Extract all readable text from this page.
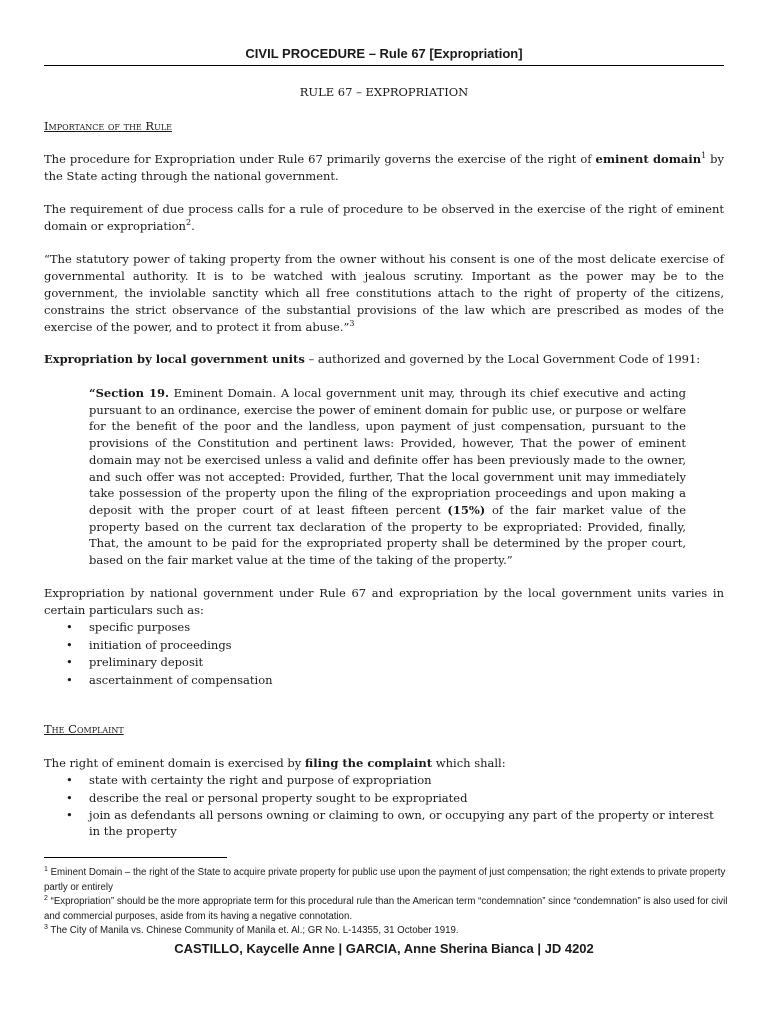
CIVIL PROCEDURE – Rule 67 [Expropriation]
RULE 67 – EXPROPRIATION
Importance of the Rule
The procedure for Expropriation under Rule 67 primarily governs the exercise of the right of eminent domain$^1$ by the State acting through the national government.
The requirement of due process calls for a rule of procedure to be observed in the exercise of the right of eminent domain or expropriation$^2$.
“The statutory power of taking property from the owner without his consent is one of the most delicate exercise of governmental authority. It is to be watched with jealous scrutiny. Important as the power may be to the government, the inviolable sanctity which all free constitutions attach to the right of property of the citizens, constrains the strict observance of the substantial provisions of the law which are prescribed as modes of the exercise of the power, and to protect it from abuse.”$^3$
Expropriation by local government units – authorized and governed by the Local Government Code of 1991:
“Section 19. Eminent Domain. A local government unit may, through its chief executive and acting pursuant to an ordinance, exercise the power of eminent domain for public use, or purpose or welfare for the benefit of the poor and the landless, upon payment of just compensation, pursuant to the provisions of the Constitution and pertinent laws: Provided, however, That the power of eminent domain may not be exercised unless a valid and definite offer has been previously made to the owner, and such offer was not accepted: Provided, further, That the local government unit may immediately take possession of the property upon the filing of the expropriation proceedings and upon making a deposit with the proper court of at least fifteen percent (15%) of the fair market value of the property based on the current tax declaration of the property to be expropriated: Provided, finally, That, the amount to be paid for the expropriated property shall be determined by the proper court, based on the fair market value at the time of the taking of the property.”
Expropriation by national government under Rule 67 and expropriation by the local government units varies in certain particulars such as:
• specific purposes
• initiation of proceedings
• preliminary deposit
• ascertainment of compensation
The Complaint
The right of eminent domain is exercised by filing the complaint which shall:
• state with certainty the right and purpose of expropriation
• describe the real or personal property sought to be expropriated
• join as defendants all persons owning or claiming to own, or occupying any part of the property or interest in the property
$^1$ Eminent Domain – the right of the State to acquire private property for public use upon the payment of just compensation; the right extends to private property partly or entirely
$^2$ “Expropriation” should be the more appropriate term for this procedural rule than the American term “condemnation” since “condemnation” is also used for civil and commercial purposes, aside from its having a negative connotation.
$^3$ The City of Manila vs. Chinese Community of Manila et. Al.; GR No. L-14355, 31 October 1919.
CASTILLO, Kaycelle Anne | GARCIA, Anne Sherina Bianca | JD 4202
